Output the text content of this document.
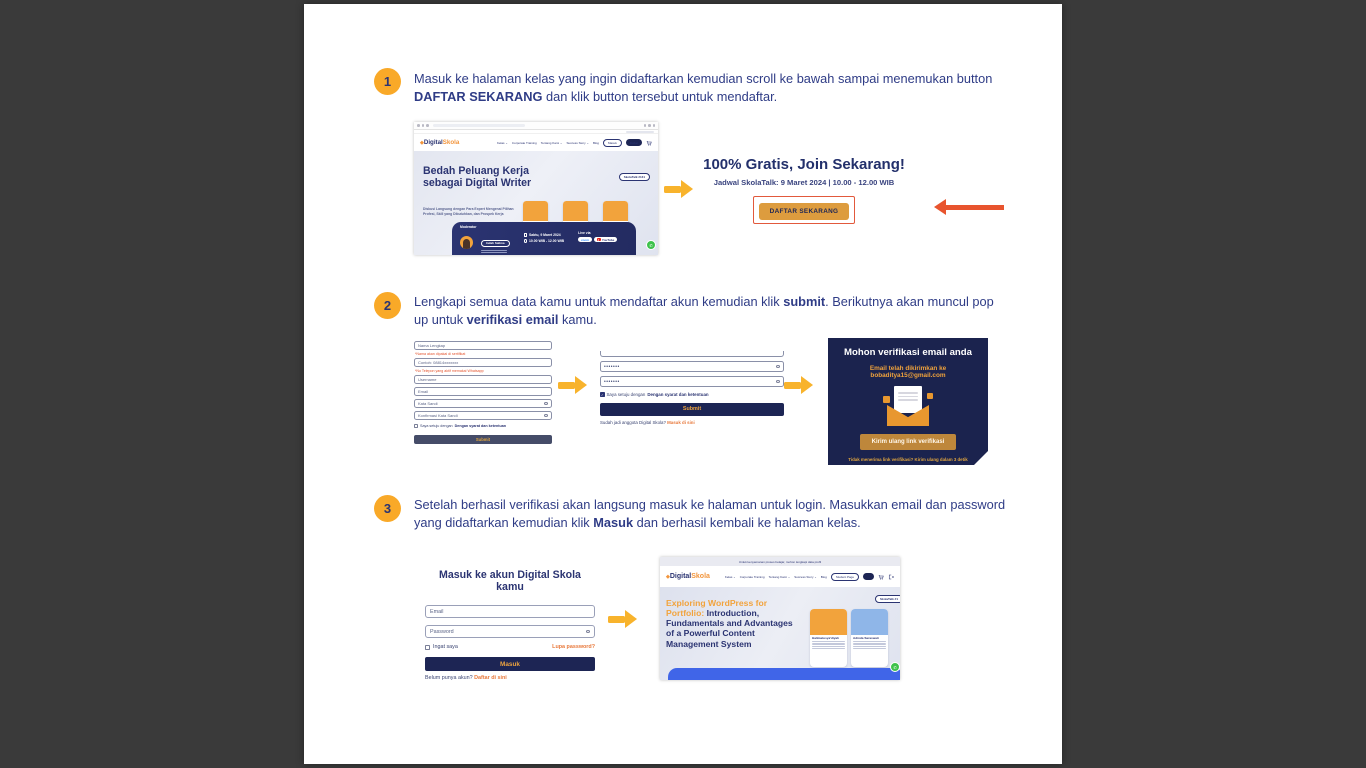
1 Masuk ke halaman kelas yang ingin didaftarkan kemudian scroll ke bawah sampai menemukan button DAFTAR SEKARANG dan klik button tersebut untuk mendaftar.
◆DigitalSkola	Kelas ⌄ Corporate Training Tentang Kami ⌄ Success Story ⌄ Blog	Masuk	Daftar
SkolaTalk #131
Bedah Peluang Kerja sebagai Digital Writer
Diskusi Langsung dengan Para Expert Mengenal Pilihan Profesi, Skill yang Dibutuhkan, dan Prospek Kerja
Moderator
Indah Salima
Sabtu, 9 Maret 2024
10.00 WIB - 12.00 WIB
Live via
zoom	YouTube
✆
100% Gratis, Join Sekarang!
Jadwal SkolaTalk: 9 Maret 2024 | 10.00 - 12.00 WIB
DAFTAR SEKARANG
2 Lengkapi semua data kamu untuk mendaftar akun kemudian klik submit. Berikutnya akan muncul pop up untuk verifikasi email kamu.
Nama Lengkap
*Nama akan dipakai di sertifikat
Contoh: 08814xxxxxxx
*No Telepon yang aktif memakai Whatsapp
Username
Email
Kata Sandi
Konfirmasi Kata Sandi
Saya setuju dengan Dengan syarat dan ketentuan
Submit
•••••••
•••••••
✓ Saya setuju dengan Dengan syarat dan ketentuan
Submit
Sudah jadi anggota Digital Skola? Masuk di sini
Mohon verifikasi email anda
Email telah dikirimkan ke bobaditya15@gmail.com
Kirim ulang link verifikasi
Tidak menerima link verifikasi? Kirim ulang dalam 3 detik
3 Setelah berhasil verifikasi akan langsung masuk ke halaman untuk login. Masukkan email dan password yang didaftarkan kemudian klik Masuk dan berhasil kembali ke halaman kelas.
Masuk ke akun Digital Skola kamu
Email
Password
Ingat saya	Lupa password?
Masuk
Belum punya akun? Daftar di sini
Untuk kenyamanan proses belajar, mohon lengkapi data profil
◆DigitalSkola	Kelas ⌄ Corporate Training Tentang Kami ⌄ Success Story ⌄ Blog	Student Page	···
SkolaTalk #1
Exploring WordPress for Portfolio: Introduction, Fundamentals and Advantages of a Powerful Content Management System
Halimatusya'diyah	Adinda Saraswati
✆
